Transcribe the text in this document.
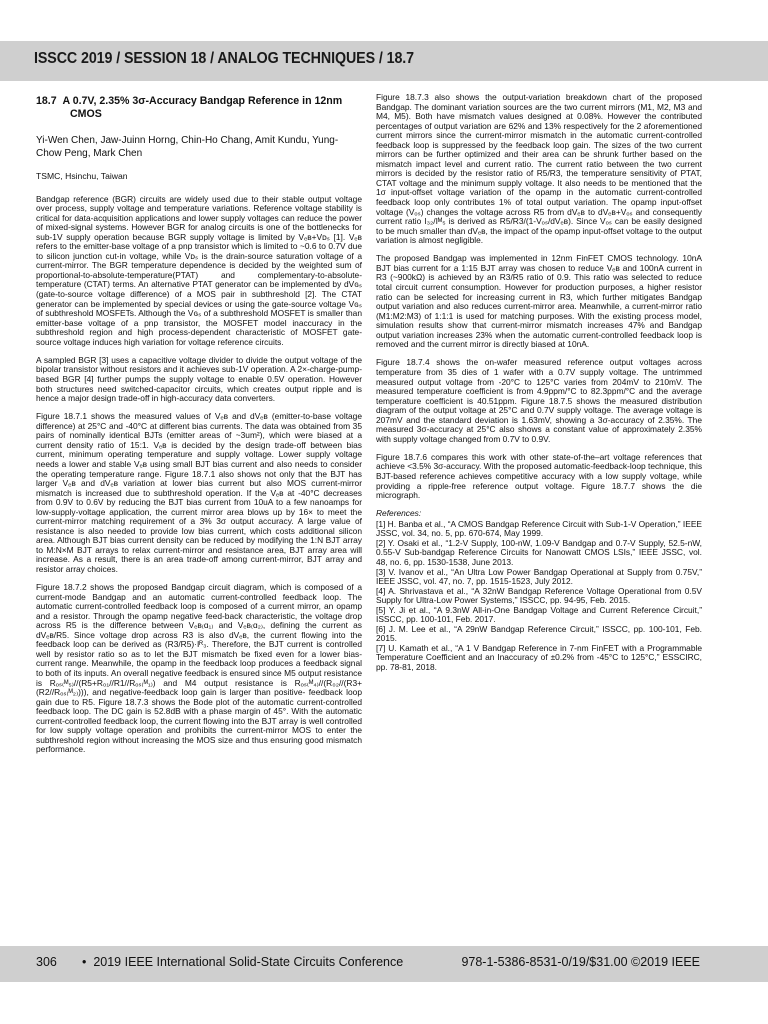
ISSCC 2019 / SESSION 18 / ANALOG TECHNIQUES / 18.7

18.7  A 0.7V, 2.35% 3σ-Accuracy Bandgap Reference in 12nm CMOS

Yi-Wen Chen, Jaw-Juinn Horng, Chin-Ho Chang, Amit Kundu, Yung-Chow Peng, Mark Chen

TSMC, Hsinchu, Taiwan

Bandgap reference (BGR) circuits are widely used due to their stable output voltage over process, supply voltage and temperature variations. Reference voltage stability is critical for data-acquisition applications and lower supply voltages can reduce the power of mixed-signal systems. However BGR for analog circuits is one of the bottlenecks for sub-1V supply operation because BGR supply voltage is limited by Vₑʙ+Vᴅₛ [1]. Vₑʙ refers to the emitter-base voltage of a pnp transistor which is limited to ~0.6 to 0.7V due to silicon junction cut-in voltage, while Vᴅₛ is the drain-source saturation voltage of a current-mirror. The BGR temperature dependence is decided by the weighted sum of proportional-to-absolute-temperature(PTAT) and complementary-to-absolute-temperature (CTAT) terms. An alternative PTAT generator can be implemented by dVɢₛ (gate-to-source voltage difference) of a MOS pair in subthreshold [2]. The CTAT generator can be implemented by special devices or using the gate-source voltage Vɢₛ of subthreshold MOSFETs. Although the Vɢₛ of a subthreshold MOSFET is smaller than emitter-base voltage of a pnp transistor, the MOSFET model inaccuracy in the subthreshold region and high process-dependent characteristic of MOSFET gate-source voltage induces high variation for voltage reference circuits.

A sampled BGR [3] uses a capacitive voltage divider to divide the output voltage of the bipolar transistor without resistors and it achieves sub-1V operation. A 2×-charge-pump-based BGR [4] further pumps the supply voltage to enable 0.5V operation. However both structures need switched-capacitor circuits, which creates output ripple and is hence a major design trade-off in high-accuracy data converters.

Figure 18.7.1 shows the measured values of Vₑʙ and dVₑʙ (emitter-to-base voltage difference) at 25°C and -40°C at different bias currents. The data was obtained from 35 pairs of nominally identical BJTs (emitter areas of ~3um²), which were biased at a current density ratio of 15:1. Vₑʙ is decided by the design trade-off between bias current, minimum operating temperature and supply voltage. Lower supply voltage needs a lower and stable Vₑʙ using small BJT bias current and also needs to consider the operating temperature range. Figure 18.7.1 also shows not only that the BJT has larger Vₑʙ and dVₑʙ variation at lower bias current but also MOS current-mirror mismatch is increased due to subthreshold operation. If the Vₑʙ at -40°C decreases from 0.9V to 0.6V by reducing the BJT bias current from 10uA to a few nanoamps for low-supply-voltage application, the current mirror area blows up by 16× to meet the current-mirror matching requirement of a 3% 3σ output accuracy. A large value of resistance is also needed to provide low bias current, which costs additional silicon area. Although BJT bias current density can be reduced by modifying the 1:N BJT array to M:N×M BJT arrays to relax current-mirror and resistance area, BJT array area will increase. As a result, there is an area trade-off among current-mirror, BJT array and resistor array choices.

Figure 18.7.2 shows the proposed Bandgap circuit diagram, which is composed of a current-mode Bandgap and an automatic current-controlled feedback loop. The automatic current-controlled feedback loop is composed of a current mirror, an opamp and a resistor. Through the opamp negative feed-back characteristic, the voltage drop across R5 is the difference between Vₑʙ₍ɑ₁₎ and Vₑʙ₍ɑ₂₎, defining the current as dVₑʙ/R5. Since voltage drop across R3 is also dVₑʙ, the current flowing into the feedback loop can be derived as (R3/R5)·Iᴿ₃. Therefore, the BJT current is controlled well by resistor ratio so as to let the BJT mismatch be fixed even for a lower bias-current range. Meanwhile, the opamp in the feedback loop produces a feedback signal to both of its inputs. An overall negative feedback is ensured since M5 output resistance is Rₒₛ₍ᴹ₅₎//(R5+R₀₁//R1//Rₒₛ₍ᴹ₁₎) and M4 output resistance is Rₒₛ₍ᴹ₄₎//(R₀₂//(R3+(R2//Rₒₛ₍ᴹ₂₎))), and negative-feedback loop gain is larger than positive- feedback loop gain due to R5. Figure 18.7.3 shows the Bode plot of the automatic current-controlled feedback loop. The DC gain is 52.8dB with a phase margin of 45°. With the automatic current-controlled feedback loop, the current flowing into the BJT array is well controlled for low supply voltage operation and prohibits the current-mirror MOS to enter the subthreshold region without increasing the MOS size and thus ensuring good mismatch performance.

Figure 18.7.3 also shows the output-variation breakdown chart of the proposed Bandgap. The dominant variation sources are the two current mirrors (M1, M2, M3 and M4, M5). Both have mismatch values designed at 0.08%. However the contributed percentages of output variation are 62% and 13% respectively for the 2 aforementioned current mirrors since the current-mirror mismatch in the automatic current-controlled feedback loop is suppressed by the feedback loop gain. The sizes of the two current mirrors can be further optimized and their area can be shrunk further based on the mismatch impact level and current ratio. The current ratio between the two current mirrors is decided by the resistor ratio of R5/R3, the temperature sensitivity of PTAT, CTAT voltage and the minimum supply voltage. It also needs to be mentioned that the 1σ input-offset voltage variation of the opamp in the automatic current-controlled feedback loop only contributes 1% of total output variation. The opamp input-offset voltage (Vₒₛ) changes the voltage across R5 from dVₑʙ to dVₑʙ+Vₒₛ and consequently current ratio I₃₂/Iᴹ₅ is derived as R5/R3/(1-Vₒₛ/dVₑʙ). Since Vₒₛ can be easily designed to be much smaller than dVₑʙ, the impact of the opamp input-offset voltage to the output variation is almost negligible.

The proposed Bandgap was implemented in 12nm FinFET CMOS technology. 10nA BJT bias current for a 1:15 BJT array was chosen to reduce Vₑʙ and 100nA current in R3 (~900kΩ) is achieved by an R3/R5 ratio of 0.9. This ratio was selected to reduce total circuit current consumption. However for production purposes, a higher resistor ratio can be selected for increasing current in R3, which further mitigates Bandgap output variation and also reduces current-mirror area. Meanwhile, a current-mirror ratio (M1:M2:M3) of 1:1:1 is used for matching purposes. With the existing process model, simulation results show that current-mirror mismatch increases 47% and Bandgap output variation increases 23% when the automatic current-controlled feedback loop is removed and the current mirror is directly biased at 10nA.

Figure 18.7.4 shows the on-wafer measured reference output voltages across temperature from 35 dies of 1 wafer with a 0.7V supply voltage. The untrimmed measured output voltage from -20°C to 125°C varies from 204mV to 210mV. The measured temperature coefficient is from 4.9ppm/°C to 82.3ppm/°C and the average temperature coefficient is 40.51ppm. Figure 18.7.5 shows the measured distribution diagram of the output voltage at 25°C and 0.7V supply voltage. The average voltage is 207mV and the standard deviation is 1.63mV, showing a 3σ-accuracy of 2.35%. The measured 3σ-accuracy at 25°C also shows a constant value of approximately 2.35% with supply voltage changed from 0.7V to 0.9V.

Figure 18.7.6 compares this work with other state-of-the–art voltage references that achieve <3.5% 3σ-accuracy. With the proposed automatic-feedback-loop technique, this BJT-based reference achieves competitive accuracy with a low supply voltage, while providing a ripple-free reference output voltage. Figure 18.7.7 shows the die micrograph.

References:

[1] H. Banba et al., “A CMOS Bandgap Reference Circuit with Sub-1-V Operation,” IEEE JSSC, vol. 34, no. 5, pp. 670-674, May 1999.

[2] Y. Osaki et al., “1.2-V Supply, 100-nW, 1.09-V Bandgap and 0.7-V Supply, 52.5-nW, 0.55-V Sub-bandgap Reference Circuits for Nanowatt CMOS LSIs,” IEEE JSSC, vol. 48, no. 6, pp. 1530-1538, June 2013.

[3] V. Ivanov et al., “An Ultra Low Power Bandgap Operational at Supply from 0.75V,” IEEE JSSC, vol. 47, no. 7, pp. 1515-1523, July 2012.

[4] A. Shrivastava et al., “A 32nW Bandgap Reference Voltage Operational from 0.5V Supply for Ultra-Low Power Systems,” ISSCC, pp. 94-95, Feb. 2015.

[5] Y. Ji et al., “A 9.3nW All-in-One Bandgap Voltage and Current Reference Circuit,” ISSCC, pp. 100-101, Feb. 2017.

[6] J. M. Lee et al., “A 29nW Bandgap Reference Circuit,” ISSCC, pp. 100-101, Feb. 2015.

[7] U. Kamath et al., “A 1 V Bandgap Reference in 7-nm FinFET with a Programmable Temperature Coefficient and an Inaccuracy of ±0.2% from -45°C to 125°C,” ESSCIRC, pp. 78-81, 2018.

306 •  2019 IEEE International Solid-State Circuits Conference	978-1-5386-8531-0/19/$31.00 ©2019 IEEE
